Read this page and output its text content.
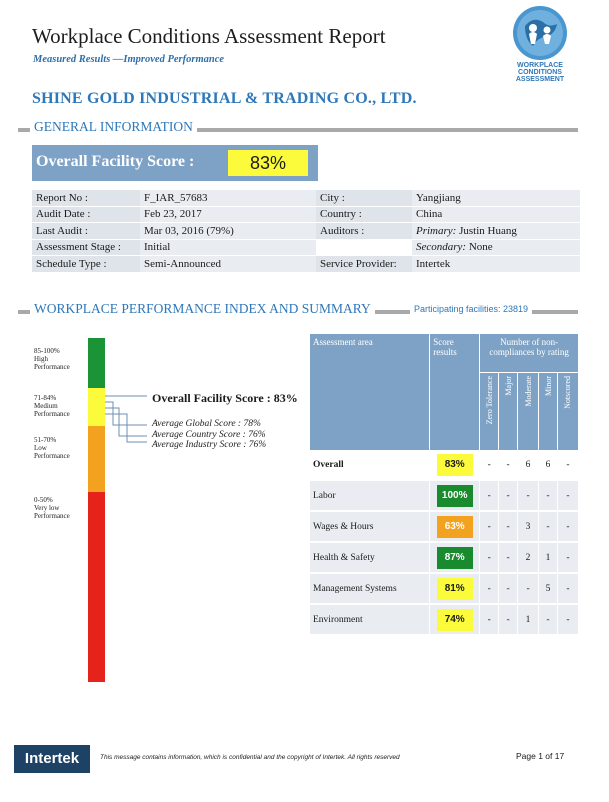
Workplace Conditions Assessment Report
Measured Results —Improved Performance
WORKPLACE
CONDITIONS
ASSESSMENT
SHINE GOLD INDUSTRIAL & TRADING CO., LTD.
GENERAL INFORMATION
Overall Facility Score :	83%
Report No :	F_IAR_57683	City :	Yangjiang
Audit Date :	Feb 23, 2017	Country :	China
Last Audit :	Mar 03, 2016 (79%)	Auditors :	Primary: Justin Huang
Assessment Stage :	Initial		Secondary: None
Schedule Type :	Semi-Announced	Service Provider:	Intertek
WORKPLACE PERFORMANCE INDEX AND SUMMARY	Participating facilities: 23819
85-100%
High Performance
71-84%
Medium Performance
51-70%
Low Performance
0-50%
Very low Performance
Overall Facility Score : 83%
Average Global Score : 78%
Average Country Score : 76%
Average Industry Score : 76%
Assessment area	Score results	Number of non-compliances by rating				

		Zero Tolerance	Major	Moderate	Minor	Notscored

Overall	83%	-	-	6	6	-
Labor	100%	-	-	-	-	-
Wages & Hours	63%	-	-	3	-	-
Health & Safety	87%	-	-	2	1	-
Management Systems	81%	-	-	-	5	-
Environment	74%	-	-	1	-	-
Intertek	This message contains information, which is confidential and the copyright of Intertek. All rights reserved	Page 1 of 17
